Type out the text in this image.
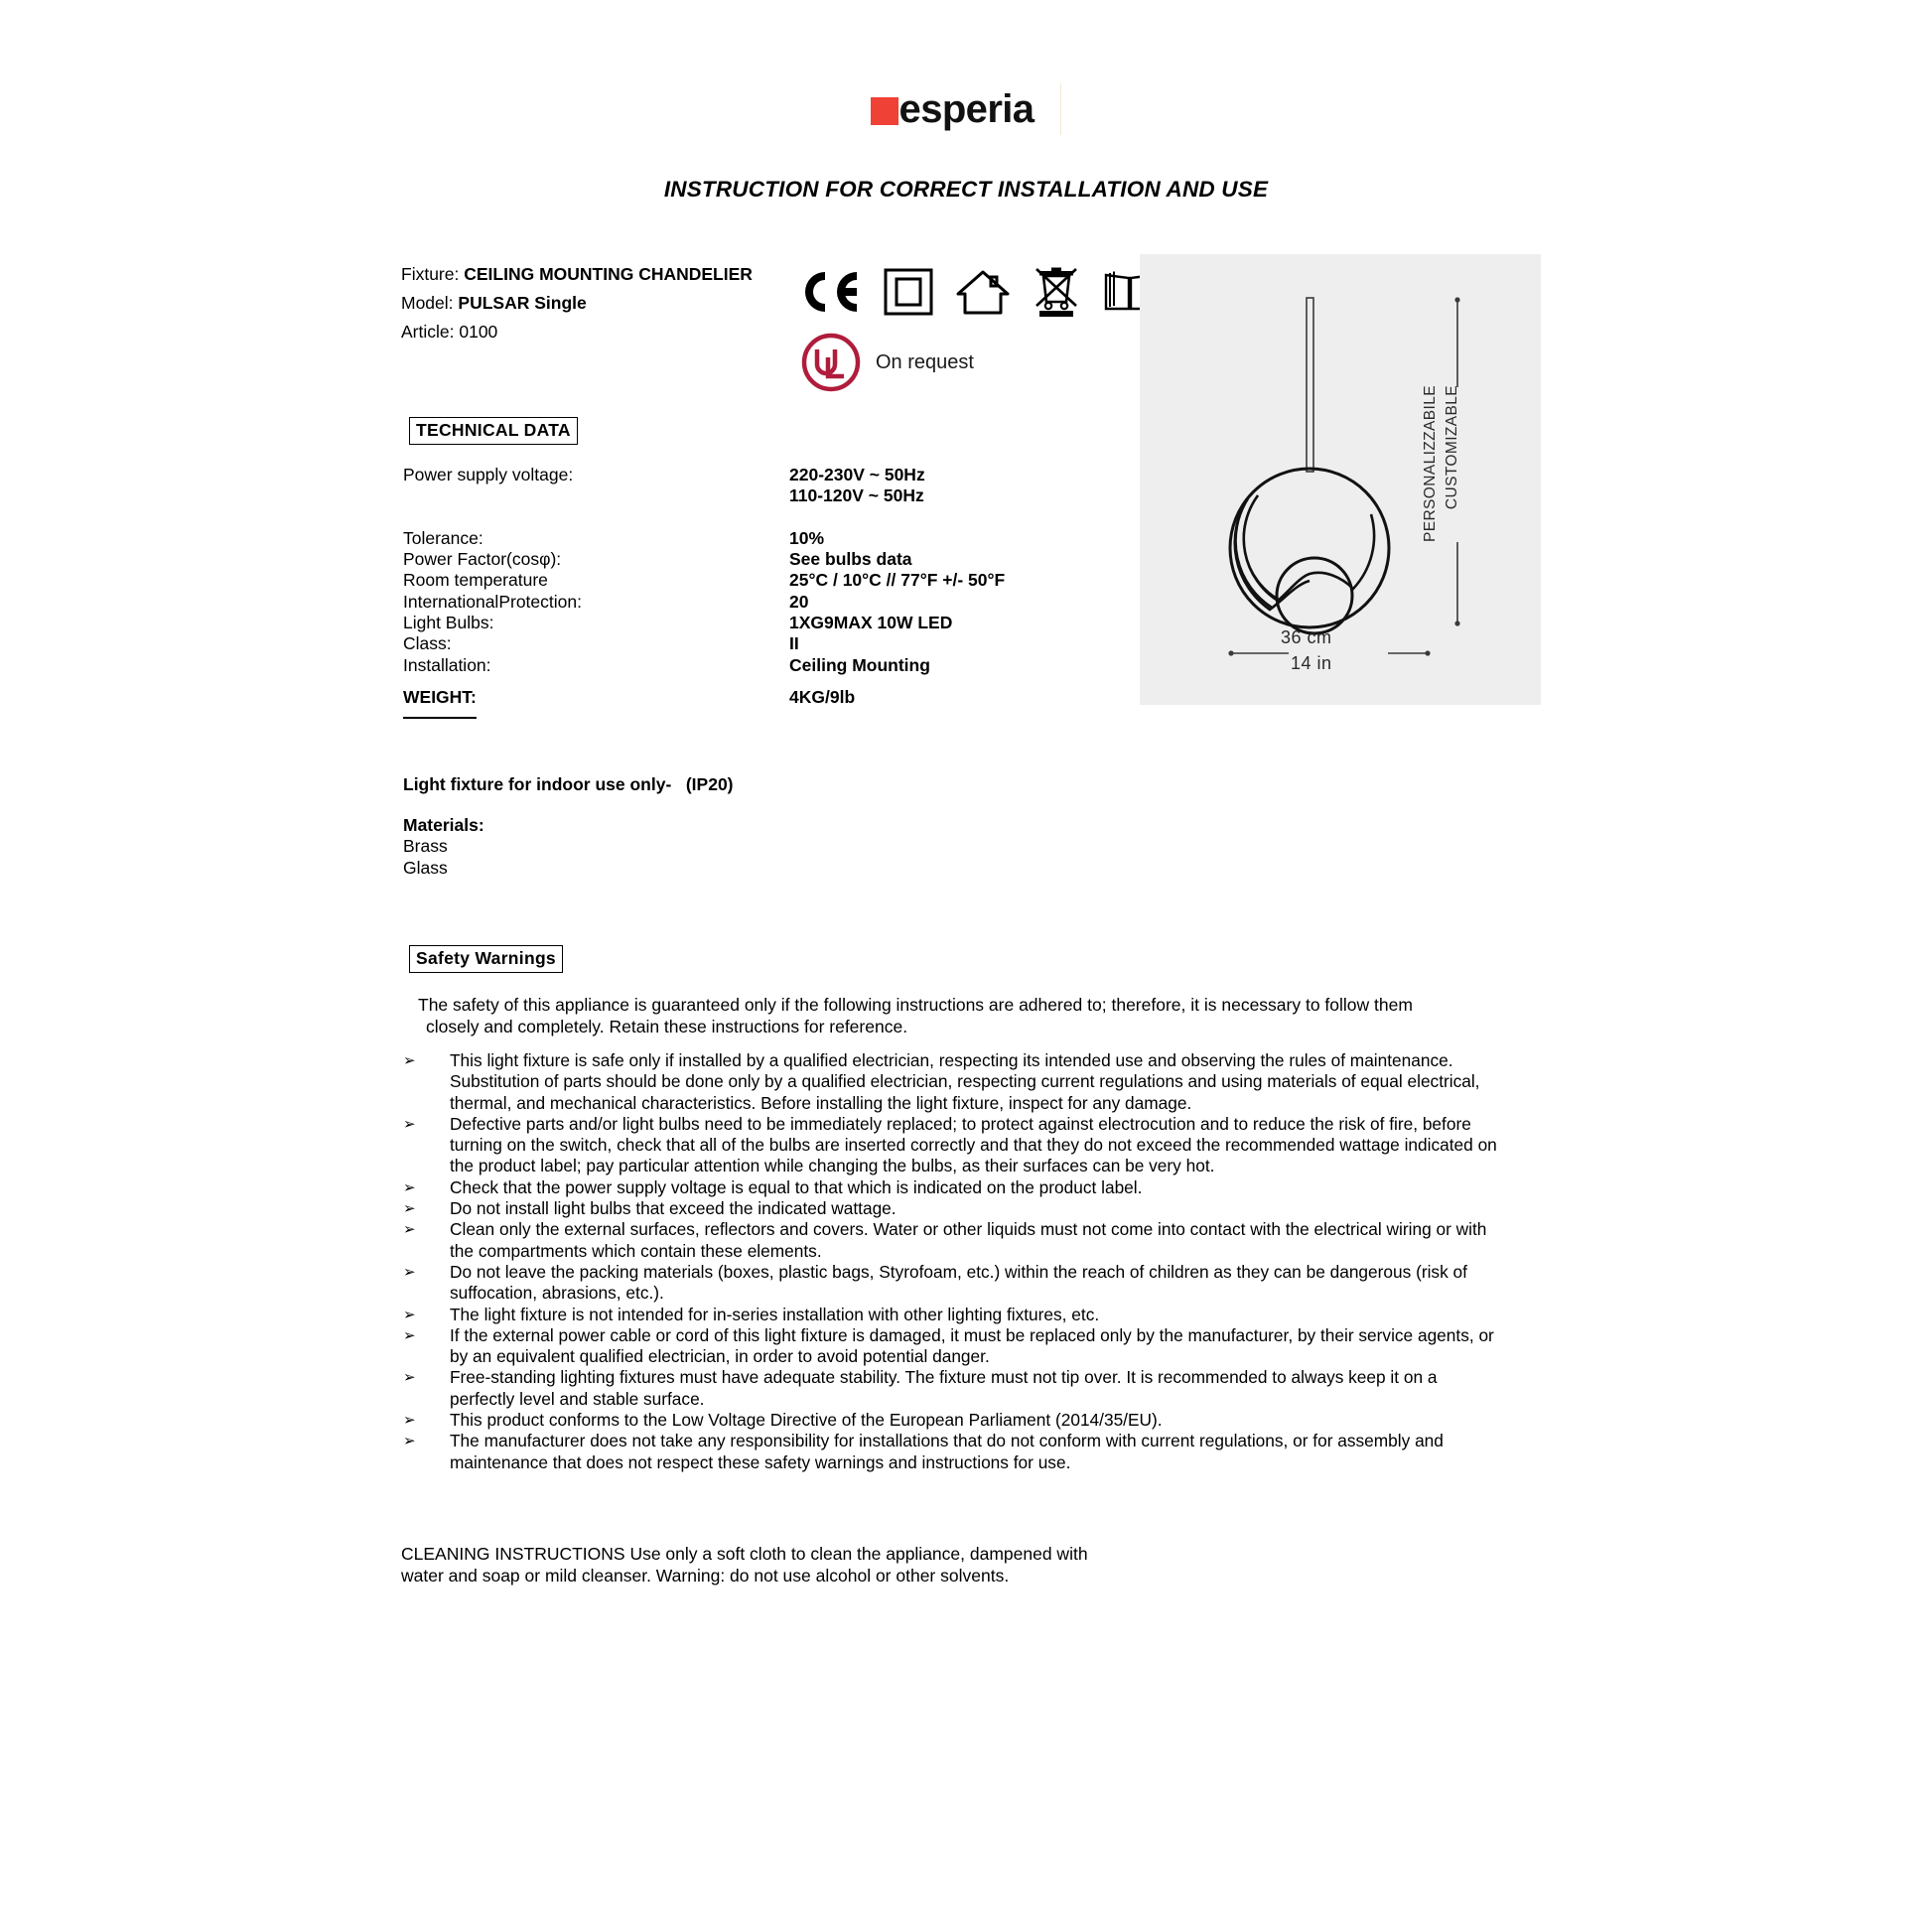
esperia
INSTRUCTION FOR CORRECT INSTALLATION AND USE
Fixture: CEILING MOUNTING CHANDELIER
Model: PULSAR Single
Article: 0100
On request
TECHNICAL DATA
Power supply voltage:
Tolerance:
Power Factor(cosφ):
Room temperature
InternationalProtection:
Light Bulbs:
Class:
Installation:
220-230V ~ 50Hz
110-120V ~ 50Hz
10%
See bulbs data
25°C / 10°C // 77°F +/- 50°F
20
1XG9MAX 10W LED
II
Ceiling Mounting
WEIGHT:	4KG/9lb
Light fixture for indoor use only-   (IP20)
Materials:
Brass
Glass
36 cm
14 in
PERSONALIZZABILE CUSTOMIZABLE
Safety Warnings
The safety of this appliance is guaranteed only if the following instructions are adhered to; therefore, it is necessary to follow them
closely and completely. Retain these instructions for reference.
➢ This light fixture is safe only if installed by a qualified electrician, respecting its intended use and observing the rules of maintenance. Substitution of parts should be done only by a qualified electrician, respecting current regulations and using materials of equal electrical, thermal, and mechanical characteristics. Before installing the light fixture, inspect for any damage.
➢ Defective parts and/or light bulbs need to be immediately replaced; to protect against electrocution and to reduce the risk of fire, before turning on the switch, check that all of the bulbs are inserted correctly and that they do not exceed the recommended wattage indicated on the product label; pay particular attention while changing the bulbs, as their surfaces can be very hot.
➢ Check that the power supply voltage is equal to that which is indicated on the product label.
➢ Do not install light bulbs that exceed the indicated wattage.
➢ Clean only the external surfaces, reflectors and covers. Water or other liquids must not come into contact with the electrical wiring or with the compartments which contain these elements.
➢ Do not leave the packing materials (boxes, plastic bags, Styrofoam, etc.) within the reach of children as they can be dangerous (risk of suffocation, abrasions, etc.).
➢ The light fixture is not intended for in-series installation with other lighting fixtures, etc.
➢ If the external power cable or cord of this light fixture is damaged, it must be replaced only by the manufacturer, by their service agents, or by an equivalent qualified electrician, in order to avoid potential danger.
➢ Free-standing lighting fixtures must have adequate stability. The fixture must not tip over. It is recommended to always keep it on a perfectly level and stable surface.
➢ This product conforms to the Low Voltage Directive of the European Parliament (2014/35/EU).
➢ The manufacturer does not take any responsibility for installations that do not conform with current regulations, or for assembly and maintenance that does not respect these safety warnings and instructions for use.
CLEANING INSTRUCTIONS Use only a soft cloth to clean the appliance, dampened with
water and soap or mild cleanser. Warning: do not use alcohol or other solvents.
